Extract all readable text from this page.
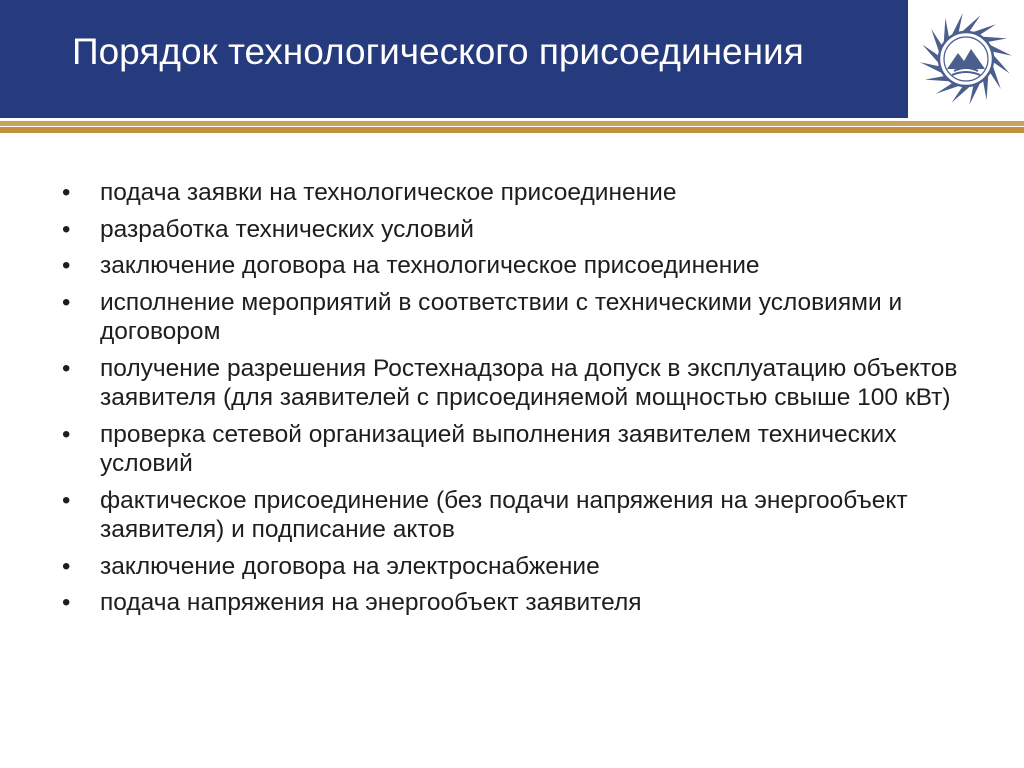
Порядок технологического присоединения
• подача заявки на технологическое присоединение
• разработка технических условий
• заключение договора на технологическое присоединение
• исполнение мероприятий в соответствии с техническими условиями и договором
• получение разрешения Ростехнадзора на допуск в эксплуатацию объектов заявителя (для заявителей с присоединяемой мощностью свыше 100 кВт)
• проверка сетевой организацией выполнения заявителем технических условий
• фактическое присоединение (без подачи напряжения на энергообъект заявителя) и подписание актов
• заключение договора на электроснабжение
• подача напряжения на энергообъект заявителя
